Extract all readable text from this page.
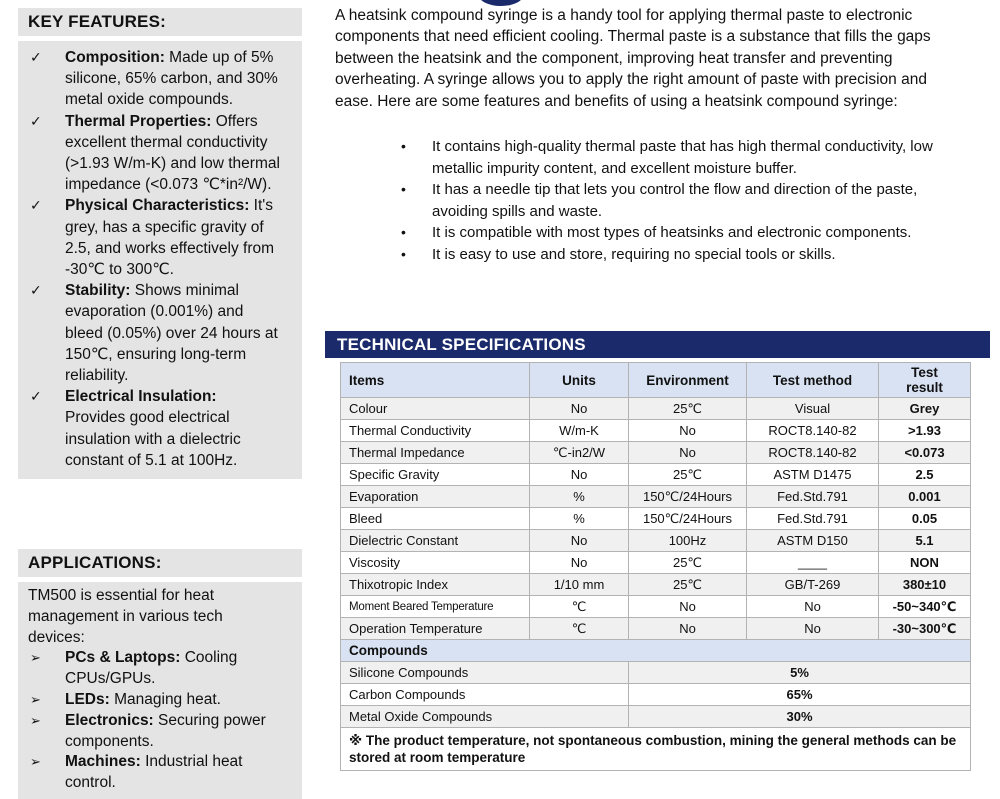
KEY FEATURES:
✓	Composition: Made up of 5% silicone, 65% carbon, and 30% metal oxide compounds.
✓	Thermal Properties: Offers excellent thermal conductivity (>1.93 W/m-K) and low thermal impedance (<0.073 ℃*in²/W).
✓	Physical Characteristics: It's grey, has a specific gravity of 2.5, and works effectively from -30℃ to 300℃.
✓	Stability: Shows minimal evaporation (0.001%) and bleed (0.05%) over 24 hours at 150℃, ensuring long-term reliability.
✓	Electrical Insulation: Provides good electrical insulation with a dielectric constant of 5.1 at 100Hz.
APPLICATIONS:
TM500 is essential for heat management in various tech devices:
➢	PCs & Laptops: Cooling CPUs/GPUs.
➢	LEDs: Managing heat.
➢	Electronics: Securing power components.
➢	Machines: Industrial heat control.
A heatsink compound syringe is a handy tool for applying thermal paste to electronic components that need efficient cooling. Thermal paste is a substance that fills the gaps between the heatsink and the component, improving heat transfer and preventing overheating. A syringe allows you to apply the right amount of paste with precision and ease. Here are some features and benefits of using a heatsink compound syringe:
•	It contains high-quality thermal paste that has high thermal conductivity, low metallic impurity content, and excellent moisture buffer.
•	It has a needle tip that lets you control the flow and direction of the paste, avoiding spills and waste.
•	It is compatible with most types of heatsinks and electronic components.
•	It is easy to use and store, requiring no special tools or skills.
TECHNICAL SPECIFICATIONS
Items	Units	Environment	Test method	Test result
Colour	No	25℃	Visual	Grey
Thermal Conductivity	W/m-K	No	ROCT8.140-82	>1.93
Thermal Impedance	℃-in2/W	No	ROCT8.140-82	<0.073
Specific Gravity	No	25℃	ASTM D1475	2.5
Evaporation	%	150℃/24Hours	Fed.Std.791	0.001
Bleed	%	150℃/24Hours	Fed.Std.791	0.05
Dielectric Constant	No	100Hz	ASTM D150	5.1
Viscosity	No	25℃	____	NON
Thixotropic Index	1/10 mm	25℃	GB/T-269	380±10
Moment Beared Temperature	℃	No	No	-50~340℃
Operation Temperature	℃	No	No	-30~300℃
Compounds				
Silicone Compounds		5%		
Carbon Compounds		65%		
Metal Oxide Compounds		30%		
※ The product temperature, not spontaneous combustion, mining the general methods can be stored at room temperature				
